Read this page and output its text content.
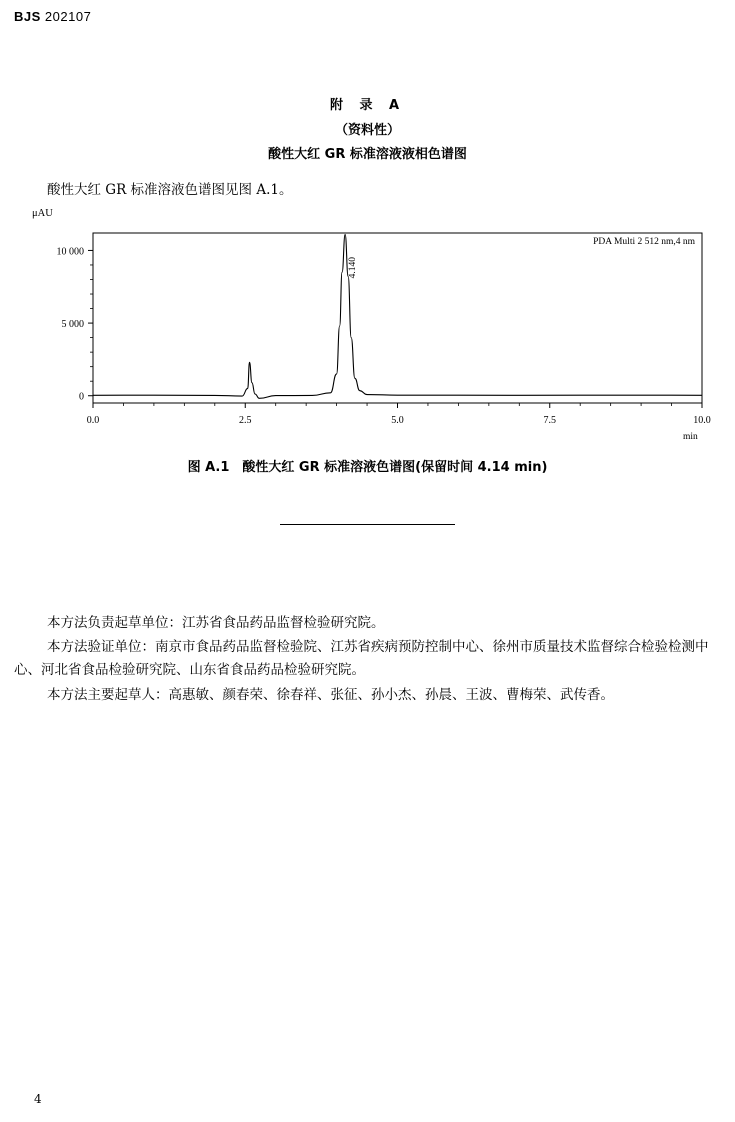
BJS 202107
附 录 A
（资料性）
酸性大红 GR 标准溶液液相色谱图
酸性大红 GR 标准溶液色谱图见图 A.1。
0.0	2.5	5.0	7.5	10.0
0
5 000
10 000
μAU
min
PDA Multi 2 512 nm,4 nm
4.140
图 A.1　酸性大红 GR 标准溶液色谱图(保留时间 4.14 min)
本方法负责起草单位：江苏省食品药品监督检验研究院。
本方法验证单位：南京市食品药品监督检验院、江苏省疾病预防控制中心、徐州市质量技术监督综合检验检测中心、河北省食品检验研究院、山东省食品药品检验研究院。
本方法主要起草人：高惠敏、颜春荣、徐春祥、张征、孙小杰、孙晨、王波、曹梅荣、武传香。
4
